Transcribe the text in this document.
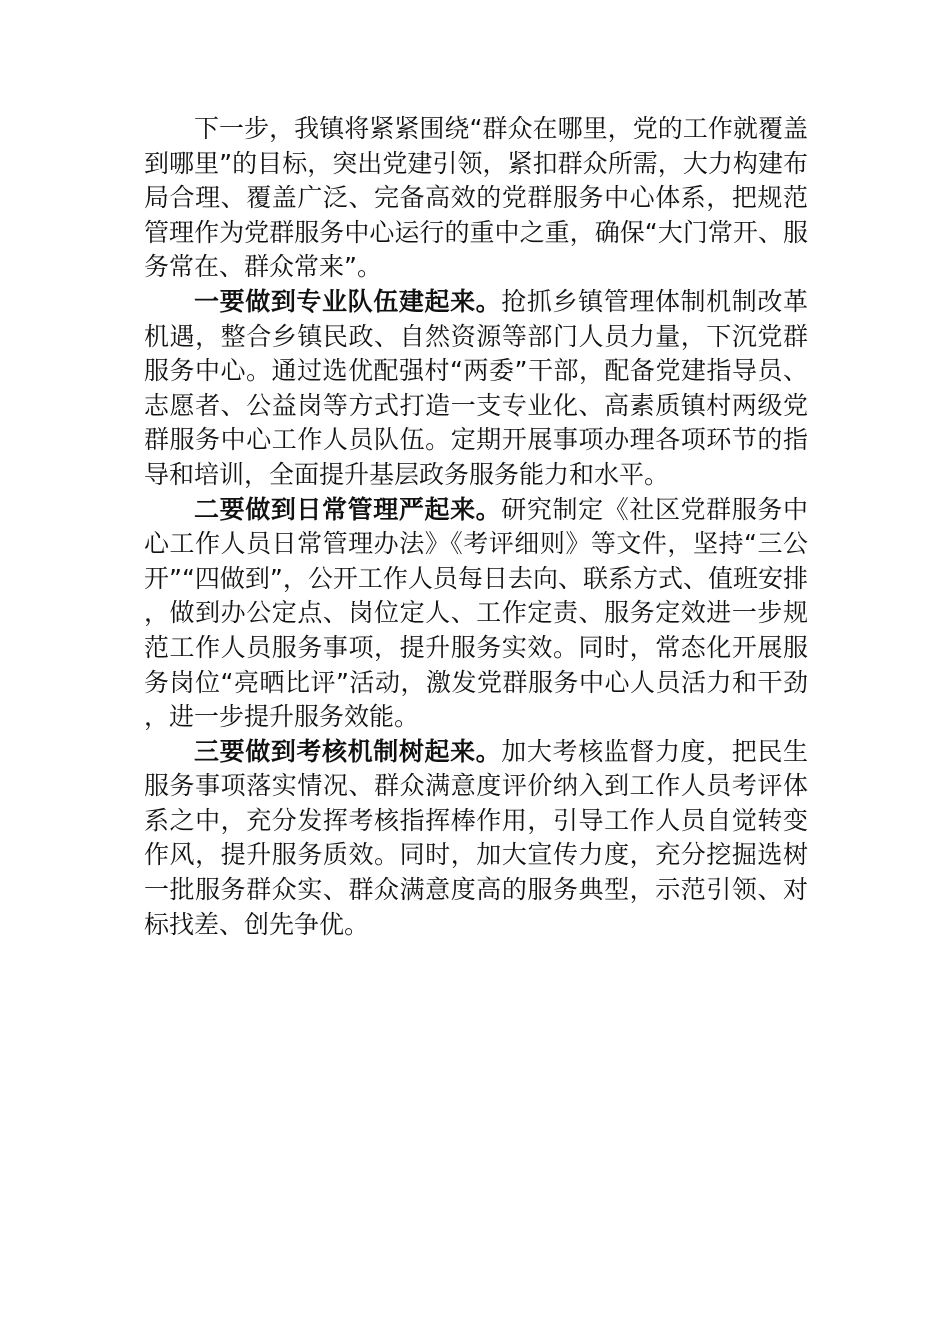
下一步，我镇将紧紧围绕“群众在哪里，党的工作就覆盖到哪里”的目标，突出党建引领，紧扣群众所需，大力构建布局合理、覆盖广泛、完备高效的党群服务中心体系，把规范管理作为党群服务中心运行的重中之重，确保“大门常开、服务常在、群众常来”。

一要做到专业队伍建起来。抢抓乡镇管理体制机制改革机遇，整合乡镇民政、自然资源等部门人员力量，下沉党群服务中心。通过选优配强村“两委”干部，配备党建指导员、志愿者、公益岗等方式打造一支专业化、高素质镇村两级党群服务中心工作人员队伍。定期开展事项办理各项环节的指导和培训，全面提升基层政务服务能力和水平。

二要做到日常管理严起来。研究制定《社区党群服务中心工作人员日常管理办法》《考评细则》等文件，坚持“三公开”“四做到”，公开工作人员每日去向、联系方式、值班安排，做到办公定点、岗位定人、工作定责、服务定效进一步规范工作人员服务事项，提升服务实效。同时，常态化开展服务岗位“亮晒比评”活动，激发党群服务中心人员活力和干劲，进一步提升服务效能。

三要做到考核机制树起来。加大考核监督力度，把民生服务事项落实情况、群众满意度评价纳入到工作人员考评体系之中，充分发挥考核指挥棒作用，引导工作人员自觉转变作风，提升服务质效。同时，加大宣传力度，充分挖掘选树一批服务群众实、群众满意度高的服务典型，示范引领、对标找差、创先争优。
